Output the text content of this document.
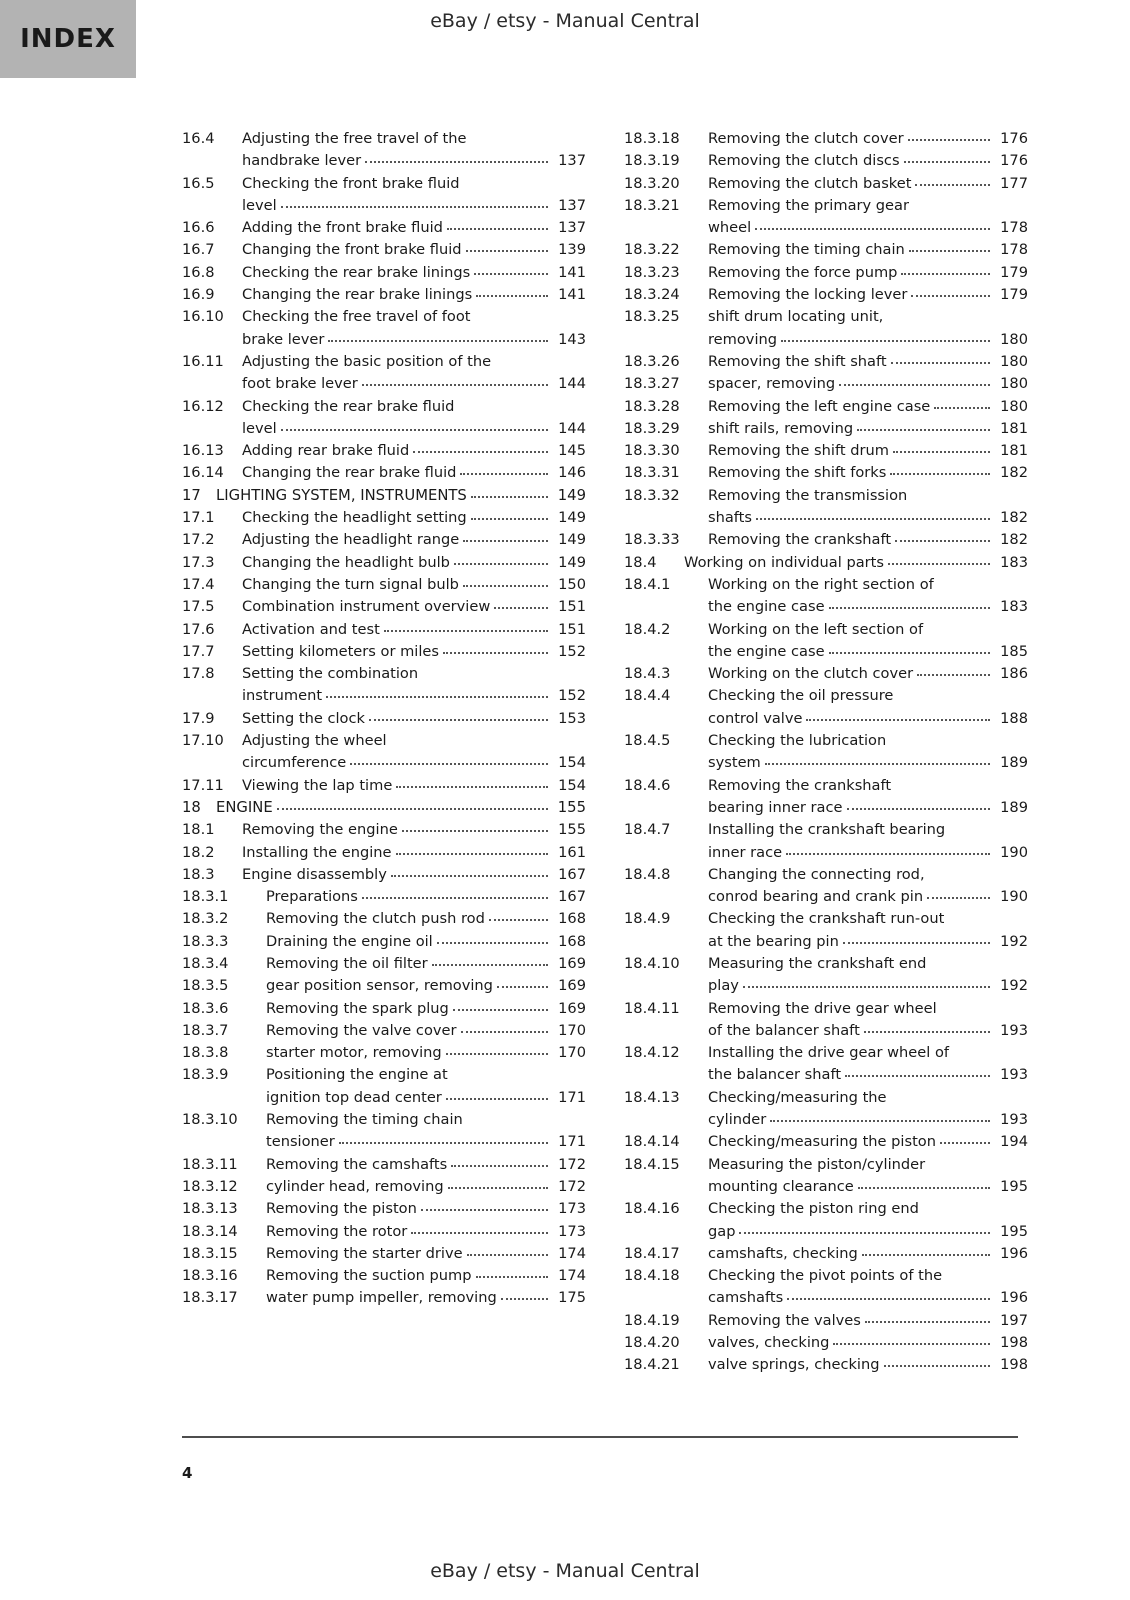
INDEX
eBay / etsy - Manual Central
16.4	Adjusting the free travel of the
handbrake lever	137
16.5	Checking the front brake fluid
level	137
16.6	Adding the front brake fluid	137
16.7	Changing the front brake fluid	139
16.8	Checking the rear brake linings	141
16.9	Changing the rear brake linings	141
16.10	Checking the free travel of foot
brake lever	143
16.11	Adjusting the basic position of the
foot brake lever	144
16.12	Checking the rear brake fluid
level	144
16.13	Adding rear brake fluid	145
16.14	Changing the rear brake fluid	146
17	LIGHTING SYSTEM, INSTRUMENTS	149
17.1	Checking the headlight setting	149
17.2	Adjusting the headlight range	149
17.3	Changing the headlight bulb	149
17.4	Changing the turn signal bulb	150
17.5	Combination instrument overview	151
17.6	Activation and test	151
17.7	Setting kilometers or miles	152
17.8	Setting the combination
instrument	152
17.9	Setting the clock	153
17.10	Adjusting the wheel
circumference	154
17.11	Viewing the lap time	154
18	ENGINE	155
18.1	Removing the engine	155
18.2	Installing the engine	161
18.3	Engine disassembly	167
18.3.1	Preparations	167
18.3.2	Removing the clutch push rod	168
18.3.3	Draining the engine oil	168
18.3.4	Removing the oil filter	169
18.3.5	gear position sensor, removing	169
18.3.6	Removing the spark plug	169
18.3.7	Removing the valve cover	170
18.3.8	starter motor, removing	170
18.3.9	Positioning the engine at
ignition top dead center	171
18.3.10	Removing the timing chain
tensioner	171
18.3.11	Removing the camshafts	172
18.3.12	cylinder head, removing	172
18.3.13	Removing the piston	173
18.3.14	Removing the rotor	173
18.3.15	Removing the starter drive	174
18.3.16	Removing the suction pump	174
18.3.17	water pump impeller, removing	175
18.3.18	Removing the clutch cover	176
18.3.19	Removing the clutch discs	176
18.3.20	Removing the clutch basket	177
18.3.21	Removing the primary gear
wheel	178
18.3.22	Removing the timing chain	178
18.3.23	Removing the force pump	179
18.3.24	Removing the locking lever	179
18.3.25	shift drum locating unit,
removing	180
18.3.26	Removing the shift shaft	180
18.3.27	spacer, removing	180
18.3.28	Removing the left engine case	180
18.3.29	shift rails, removing	181
18.3.30	Removing the shift drum	181
18.3.31	Removing the shift forks	182
18.3.32	Removing the transmission
shafts	182
18.3.33	Removing the crankshaft	182
18.4	Working on individual parts	183
18.4.1	Working on the right section of
the engine case	183
18.4.2	Working on the left section of
the engine case	185
18.4.3	Working on the clutch cover	186
18.4.4	Checking the oil pressure
control valve	188
18.4.5	Checking the lubrication
system	189
18.4.6	Removing the crankshaft
bearing inner race	189
18.4.7	Installing the crankshaft bearing
inner race	190
18.4.8	Changing the connecting rod,
conrod bearing and crank pin	190
18.4.9	Checking the crankshaft run-out
at the bearing pin	192
18.4.10	Measuring the crankshaft end
play	192
18.4.11	Removing the drive gear wheel
of the balancer shaft	193
18.4.12	Installing the drive gear wheel of
the balancer shaft	193
18.4.13	Checking/measuring the
cylinder	193
18.4.14	Checking/measuring the piston	194
18.4.15	Measuring the piston/cylinder
mounting clearance	195
18.4.16	Checking the piston ring end
gap	195
18.4.17	camshafts, checking	196
18.4.18	Checking the pivot points of the
camshafts	196
18.4.19	Removing the valves	197
18.4.20	valves, checking	198
18.4.21	valve springs, checking	198
4
eBay / etsy - Manual Central
